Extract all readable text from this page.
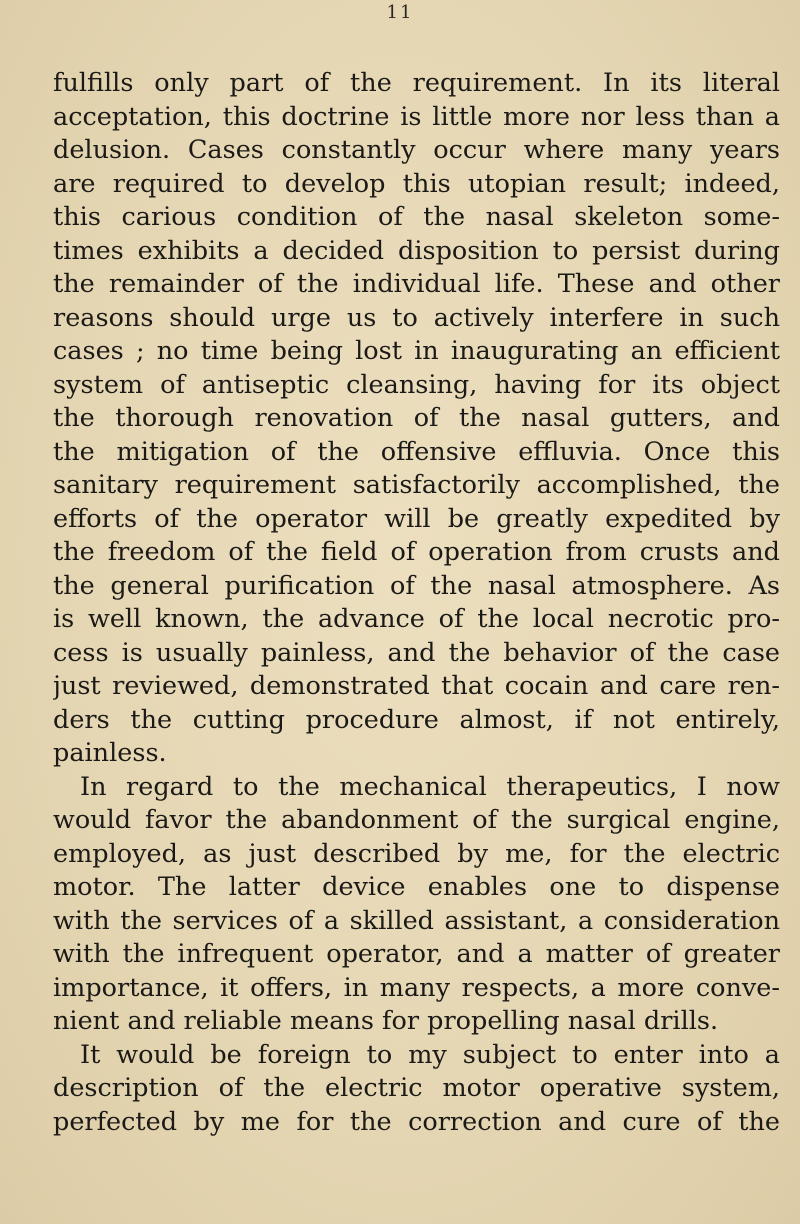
11
fulfills only part of the requirement. In its literal
acceptation, this doctrine is little more nor less than a
delusion. Cases constantly occur where many years
are required to develop this utopian result; indeed,
this carious condition of the nasal skeleton some-
times exhibits a decided disposition to persist during
the remainder of the individual life. These and other
reasons should urge us to actively interfere in such
cases ; no time being lost in inaugurating an efficient
system of antiseptic cleansing, having for its object
the thorough renovation of the nasal gutters, and
the mitigation of the offensive effluvia. Once this
sanitary requirement satisfactorily accomplished, the
efforts of the operator will be greatly expedited by
the freedom of the field of operation from crusts and
the general purification of the nasal atmosphere. As
is well known, the advance of the local necrotic pro-
cess is usually painless, and the behavior of the case
just reviewed, demonstrated that cocain and care ren-
ders the cutting procedure almost, if not entirely,
painless.
In regard to the mechanical therapeutics, I now
would favor the abandonment of the surgical engine,
employed, as just described by me, for the electric
motor. The latter device enables one to dispense
with the services of a skilled assistant, a consideration
with the infrequent operator, and a matter of greater
importance, it offers, in many respects, a more conve-
nient and reliable means for propelling nasal drills.
It would be foreign to my subject to enter into a
description of the electric motor operative system,
perfected by me for the correction and cure of the
